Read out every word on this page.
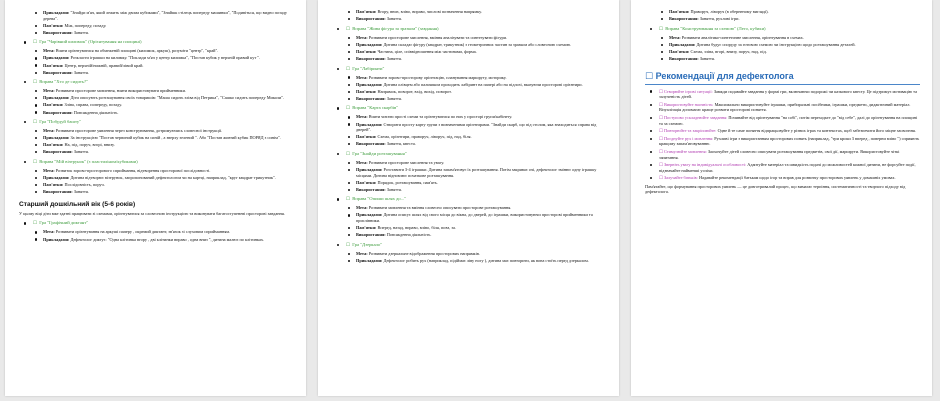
Прикладами: "Знайди м'яч, який лежить ​​між двома кубиками", "Знайшк стілець попереду машинки", "Подивіться, що видно позаду дерева".
Пам'ятки: Між, попереду, позаду.
Використання: Заняття.
☐ Гра "Чарівний килимок" (Орієнтування на площині)
Мета: Вчити орієнтуватися на обмеженій площині (килимок, аркуш), розуміти "центр", "край".
Прикладами: Розкласти іграшки на килимку. "Поклади м'яч у центр килимка", "Постав кубик у верхній правий кут ".
Пам'ятки: Центр, верхній/нижній, правий/лівий край.
Використання: Заняття.
☐ Вправа "Хто де сидить?"
Мета: Розвивати просторове мовлення, вчити використовувати прийменники.
Прикладами: Діти описують розташування своїх товаришів: "Маша сидить зліва від Петрика", "Сашко сидить попереду Миколи".
Пам'ятки: Зліва, справа, попереду, позаду.
Використання: Повсякденна діяльність.
☐ Гра "Побудуй башту"
Мета: Розвивати просторове уявлення через конструювання, дотримуючись словесної інструкції.
Прикладами: За інструкцією "Постав червоний кубик на синій , а зверху зелений ". Або "Постав жовтий кубик ПОРЯД з синім".
Пам'ятки: На, під, поруч, вгорі, внизу.
Використання: Заняття.
☐ Вправа "Мій візерунок" (з пластиліном/кубиками)
Мета: Розвиток зорово-просторового сприймання, відтворення просторової послідовності.
Прикладами: Дитина відтворює візерунок, запропонований дефектологом чи на картці, наприклад, "круг квадрат трикутник".
Пам'ятки: Послідовність, поруч.
Використання: Заняття.
Старший дошкільний вік (5-6 років)

У цьому віці діти вже здатні працювати зі схемами, орієнтуватися за словесною інструкцією та виконувати багатоступеневі просторові завдання.

☐ Гра "Графічний диктант"
Мета: Розвивати орієнтування на аркуші паперу , окремий диктант, зв'язок зі слуховим сприйманням.
Прикладами: Дефектолог диктує: "Одна клітинка вгору , дві клітинки вправо , одна вниз ", дитина малює по клітинках.
Пам'ятки: Вгору, вниз, вліво, вправо, числові позначення напрямку.
Використання: Заняття.
☐ Вправа "Жива фігура за зразком" (завдання)
Мета: Розвивати просторове мислення, вміння аналізувати та синтезувати фігури.
Прикладами: Дитина складає фігуру (квадрат, трикутник) з геометричних частин за зразком або словесною схемою.
Пам'ятки: Частина, ціле, співвідношення між частинами, форма.
Використання: Заняття.
☐ Гра "Лабіринти"
Мета: Розвивати зорово-просторову орієнтацію, планування маршруту, моторику.
Прикладами: Дитина олівцем або пальчиком проходить лабіринт на папері або на підлозі, вказуючи просторові орієнтири.
Пам'ятки: Напрямок, поворот, вхід, вихід, поворот.
Використання: Заняття.
☐ Вправа "Карта скарбів"
Мета: Вчити читати прості схеми та орієнтуватися по них у просторі групи/кабінету.
Прикладами: Створити просту карту групи з визначеними орієнтирами. "Знайди скарб, що під столом, яка знаходиться справа від дверей".
Пам'ятки: Схема, орієнтири, праворуч, ліворуч, під, над, біля.
Використання: Заняття, квеста.
☐ Гра "Знайди розташування"
Мета: Розвивати просторове мислення та увагу.
Прикладами: Розставити 3-4 іграшки. Дитина запам'ятовує їх розташування. Потім закриває очі, дефектолог змінює одну іграшку місцями. Дитина відновлює початкове розташування.
Пам'ятки: Порядок, розташування, пам'ять.
Використання: Заняття.
☐ Вправа "Опиши шлях до..."
Мета: Розвивати мовлення та вміння словесно описувати просторове розташування.
Прикладами: Дитина описує шлях від свого місця до вікна, до дверей, до іграшки, використовуючи просторові прийменники та прислівники.
Пам'ятки: Вперед, назад, вправо, вліво, біля, повз, за.
Використання: Повсякденна діяльність.
☐ Гра "Дзеркало"
Мета: Розвивати дзеркальне відображення просторових напрямків.
Прикладами: Дефектолог робить рух (наприклад, підіймає ліву ногу ), дитина має повторити, як вона стоїть перед дзеркалом.
Пам'ятки: Праворуч, ліворуч (в оберненому вигляді).
Використання: Заняття, рухливі ігри.
☐ Вправа "Конструювання за схемою" (Лего, кубики)
Мета: Розвивати аналітико-синтетичне мислення, орієнтування в схемах.
Прикладами: Дитина будує споруду за готовою схемою чи інструкцією щодо розташування деталей.
Пам'ятки: Схема, зліва, вгорі, внизу, поруч, над, під.
Використання: Заняття.
☐ Рекомендації для дефектолога
☐ Створюйте ігрові ситуації: Завжди подавайте завдання у формі гри, включаючи подорожі чи казкового квесту. Це підтримує мотивацію та залученість дітей.
☐ Використовуйте наочність: Максимально використовуйте іграшки, прибиральні посібники, іграшки, предмети, дидактичний матеріал. Візуалізація допомагає краще розвити просторові поняття.
☐ Поступово ускладнюйте завдання: Починайте від орієнтування "на собі", потім переходьте до "від себе", далі до орієнтування на площині та за схемою.
☐ Повторюйте та закріплюйте: Одне й те саме поняття відпрацьовуйте у різних іграх та контекстах, щоб забезпечити його міцне засвоєння.
☐ Поєднуйте рух і мовлення: Рухливі ігри з використанням просторових понять (наприклад, "три кроки 3 вперед , поверни вліво ") сприяють кращому запам'ятовуванню.
☐ Стимулюйте мовлення: Заохочуйте дітей словесно описувати розташування предметів, свої дії, маршрути. Використовуйте чіткі запитання.
☐ Зверніть увагу на індивідуальні особливості: Адаптуйте матеріал та швидкість подачі до можливостей кожної дитини, не форсуйте події, відзначайте найменші успіхи.
☐ Залучайте батьків: Надавайте рекомендації батькам щодо ігор та вправ для розвитку просторових уявлень у домашніх умовах.

Пам'ятайте, що формування просторових уявлень — це довготривалий процес, що вимагає терпіння, систематичності та творчого підходу від дефектолога.
